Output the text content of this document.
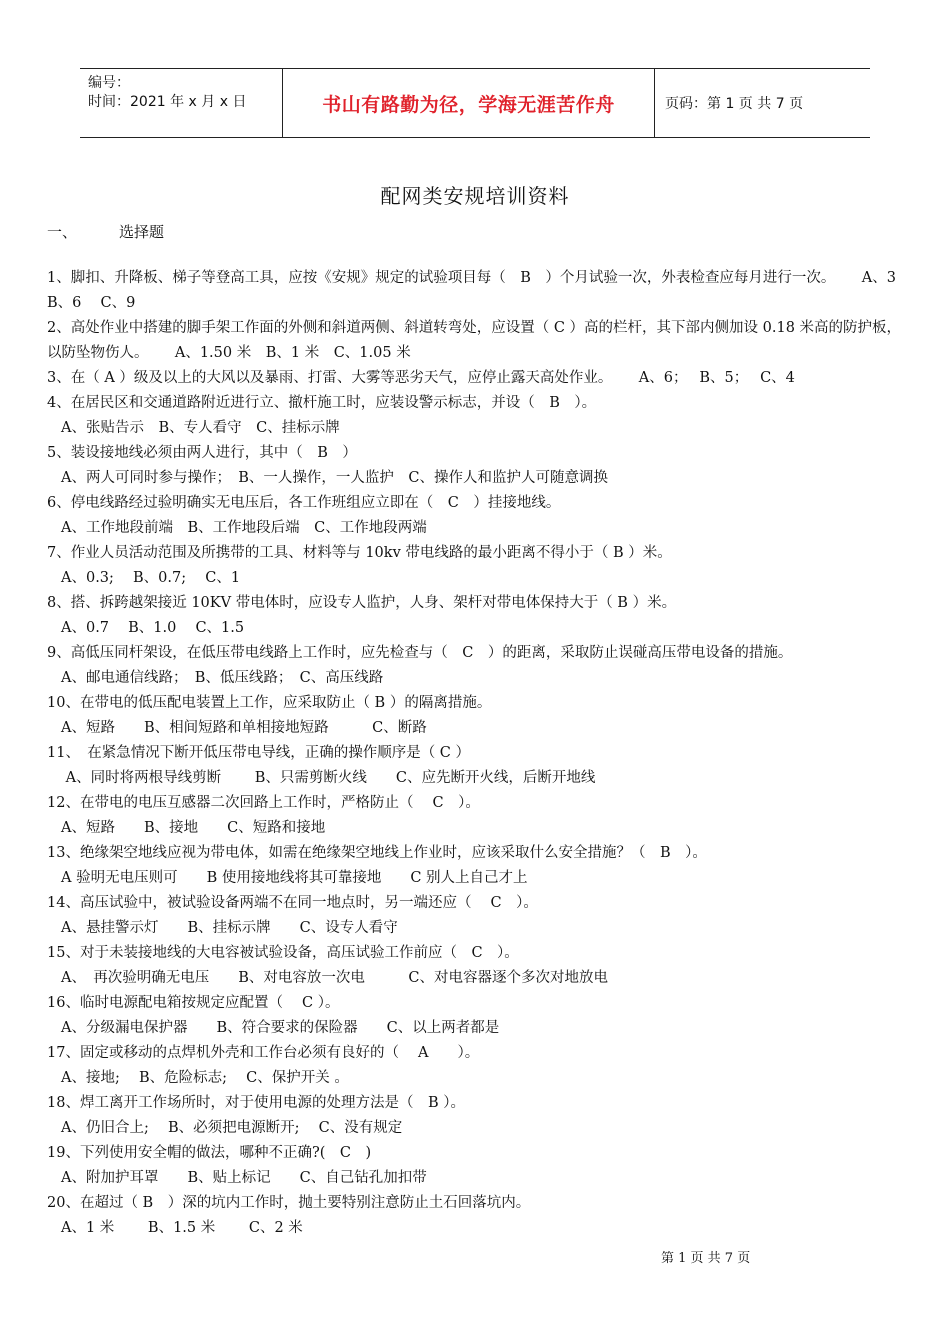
编号：
时间：2021 年 x 月 x 日	书山有路勤为径，学海无涯苦作舟	页码：第 1 页 共 7 页
配网类安规培训资料
一、	选择题

1、脚扣、升降板、梯子等登高工具，应按《安规》规定的试验项目每（　B　）个月试验一次，外表检查应每月进行一次。　　 A、3　　B、6　 C、9

2、高处作业中搭建的脚手架工作面的外侧和斜道两侧、斜道转弯处，应设置（ C ）高的栏杆，其下部内侧加设 0.18 米高的防护板，以防坠物伤人。　　 A、1.50 米　B、1 米　C、1.05 米

3、在（ A ）级及以上的大风以及暴雨、打雷、大雾等恶劣天气，应停止露天高处作业。　　 A、6；　 B、5；　 C、4

4、在居民区和交通道路附近进行立、撤杆施工时，应装设警示标志，并设（　B　）。

A、张贴告示　B、专人看守　C、挂标示牌

5、装设接地线必须由两人进行，其中（　B　）

A、两人可同时参与操作；　B、一人操作，一人监护　C、操作人和监护人可随意调换

6、停电线路经过验明确实无电压后，各工作班组应立即在（　C　）挂接地线。

A、工作地段前端　B、工作地段后端　C、工作地段两端

7、作业人员活动范围及所携带的工具、材料等与 10kv 带电线路的最小距离不得小于（ B ）米。

A、0.3;　 B、0.7;　 C、1

8、搭、拆跨越架接近 10KV 带电体时，应设专人监护，人身、架杆对带电体保持大于（ B ）米。

A、0.7　 B、1.0　 C、1.5

9、高低压同杆架设，在低压带电线路上工作时，应先检查与（　C　）的距离，采取防止误碰高压带电设备的措施。

A、邮电通信线路；　B、低压线路；　C、高压线路

10、在带电的低压配电装置上工作，应采取防止（ B ）的隔离措施。

A、短路　　B、相间短路和单相接地短路　　　C、断路

11、　在紧急情况下断开低压带电导线，正确的操作顺序是（ C ）

A、同时将两根导线剪断　　 B、只需剪断火线　　C、应先断开火线，后断开地线

12、在带电的电压互感器二次回路上工作时，严格防止（　 C　）。

A、短路　　B、接地　　C、短路和接地

13、绝缘架空地线应视为带电体，如需在绝缘架空地线上作业时，应该采取什么安全措施？（　B　）。

A 验明无电压则可　　B 使用接地线将其可靠接地　　C 别人上自己才上

14、高压试验中，被试验设备两端不在同一地点时，另一端还应（　 C　）。

A、悬挂警示灯　　B、挂标示牌　　C、设专人看守

15、对于未装接地线的大电容被试验设备，高压试验工作前应（　C　）。

A、　再次验明确无电压　　B、对电容放一次电　　　C、对电容器逐个多次对地放电

16、临时电源配电箱按规定应配置（　 C ）。

A、分级漏电保护器　　B、符合要求的保险器　　C、以上两者都是

17、固定或移动的点焊机外壳和工作台必须有良好的（　 A　　）。

A、接地;　 B、危险标志;　 C、保护开关 。

18、焊工离开工作场所时，对于使用电源的处理方法是（　B ）。

A、仍旧合上;　 B、必须把电源断开;　 C、没有规定

19、下列使用安全帽的做法，哪种不正确?(　C　)

A、附加护耳罩　　B、贴上标记　　C、自己钻孔加扣带

20、在超过（ B　）深的坑内工作时，抛土要特别注意防止土石回落坑内。

A、1 米　　 B、1.5 米　　 C、2 米

第 1 页 共 7 页
